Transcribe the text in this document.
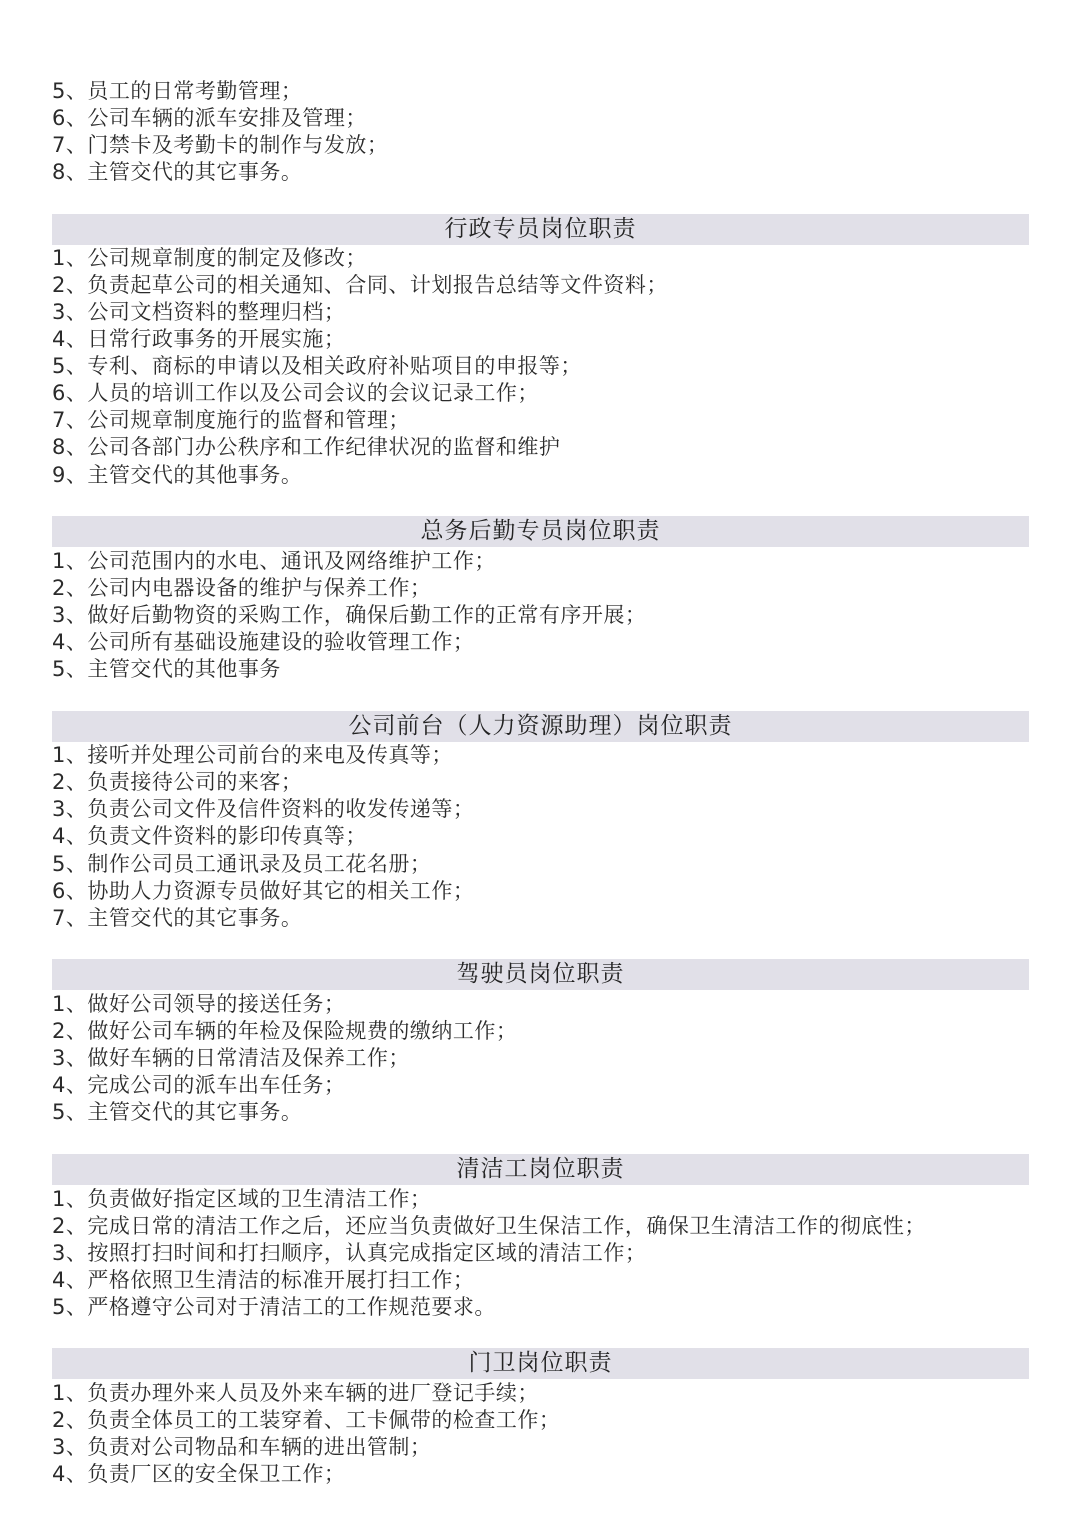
5、员工的日常考勤管理；

6、公司车辆的派车安排及管理；

7、门禁卡及考勤卡的制作与发放；

8、主管交代的其它事务。

行政专员岗位职责

1、公司规章制度的制定及修改；

2、负责起草公司的相关通知、合同、计划报告总结等文件资料；

3、公司文档资料的整理归档；

4、日常行政事务的开展实施；

5、专利、商标的申请以及相关政府补贴项目的申报等；

6、人员的培训工作以及公司会议的会议记录工作；

7、公司规章制度施行的监督和管理；

8、公司各部门办公秩序和工作纪律状况的监督和维护

9、主管交代的其他事务。

总务后勤专员岗位职责

1、公司范围内的水电、通讯及网络维护工作；

2、公司内电器设备的维护与保养工作；

3、做好后勤物资的采购工作，确保后勤工作的正常有序开展；

4、公司所有基础设施建设的验收管理工作；

5、主管交代的其他事务

公司前台（人力资源助理）岗位职责

1、接听并处理公司前台的来电及传真等；

2、负责接待公司的来客；

3、负责公司文件及信件资料的收发传递等；

4、负责文件资料的影印传真等；

5、制作公司员工通讯录及员工花名册；

6、协助人力资源专员做好其它的相关工作；

7、主管交代的其它事务。

驾驶员岗位职责

1、做好公司领导的接送任务；

2、做好公司车辆的年检及保险规费的缴纳工作；

3、做好车辆的日常清洁及保养工作；

4、完成公司的派车出车任务；

5、主管交代的其它事务。

清洁工岗位职责

1、负责做好指定区域的卫生清洁工作；

2、完成日常的清洁工作之后，还应当负责做好卫生保洁工作，确保卫生清洁工作的彻底性；

3、按照打扫时间和打扫顺序，认真完成指定区域的清洁工作；

4、严格依照卫生清洁的标准开展打扫工作；

5、严格遵守公司对于清洁工的工作规范要求。

门卫岗位职责

1、负责办理外来人员及外来车辆的进厂登记手续；

2、负责全体员工的工装穿着、工卡佩带的检查工作；

3、负责对公司物品和车辆的进出管制；

4、负责厂区的安全保卫工作；
